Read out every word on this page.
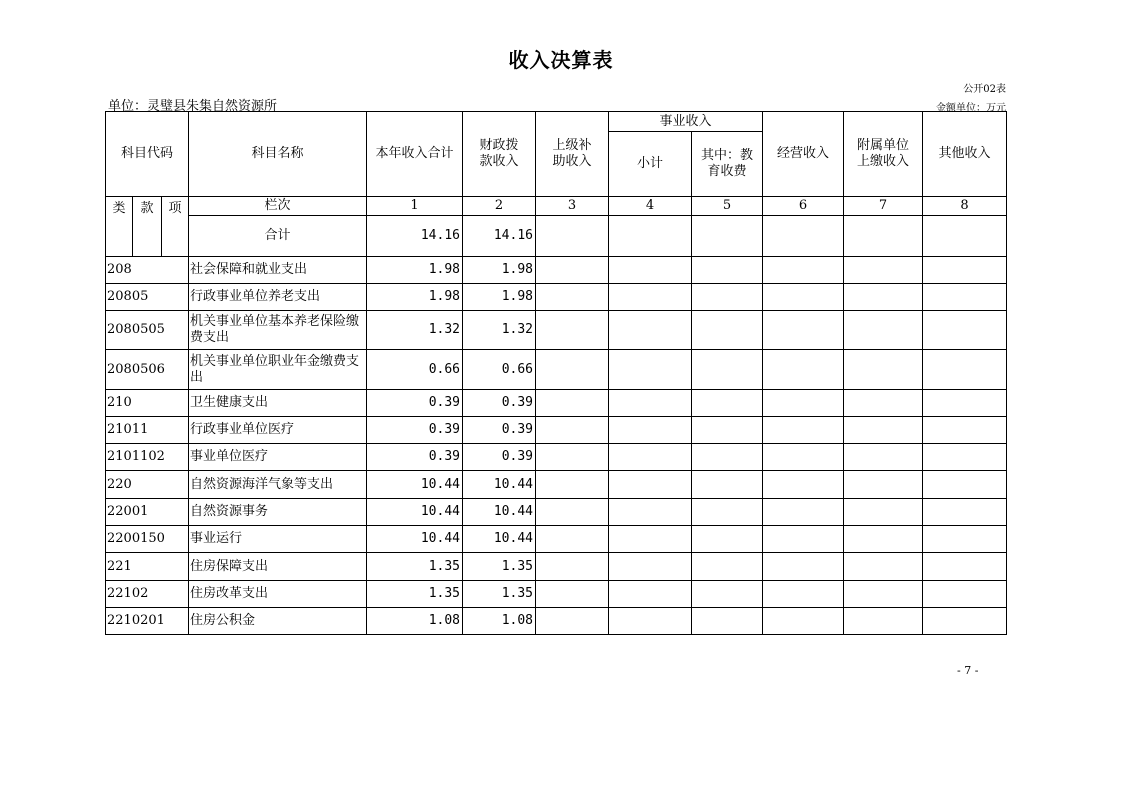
收入决算表
公开02表
单位：灵璧县朱集自然资源所	金额单位：万元
科目代码			科目名称	本年收入合计	财政拨款收入	上级补助收入	事业收入		经营收入	附属单位上缴收入	其他收入
							小计	其中：教育收费			
类	款	项	栏次	1	2	3	4	5	6	7	8
			合计	14.16	14.16						
208			社会保障和就业支出	1.98	1.98						
20805			行政事业单位养老支出	1.98	1.98						
2080505			机关事业单位基本养老保险缴费支出	1.32	1.32						
2080506			机关事业单位职业年金缴费支出	0.66	0.66						
210			卫生健康支出	0.39	0.39						
21011			行政事业单位医疗	0.39	0.39						
2101102			事业单位医疗	0.39	0.39						
220			自然资源海洋气象等支出	10.44	10.44						
22001			自然资源事务	10.44	10.44						
2200150			事业运行	10.44	10.44						
221			住房保障支出	1.35	1.35						
22102			住房改革支出	1.35	1.35						
2210201			住房公积金	1.08	1.08						
- 7 -
